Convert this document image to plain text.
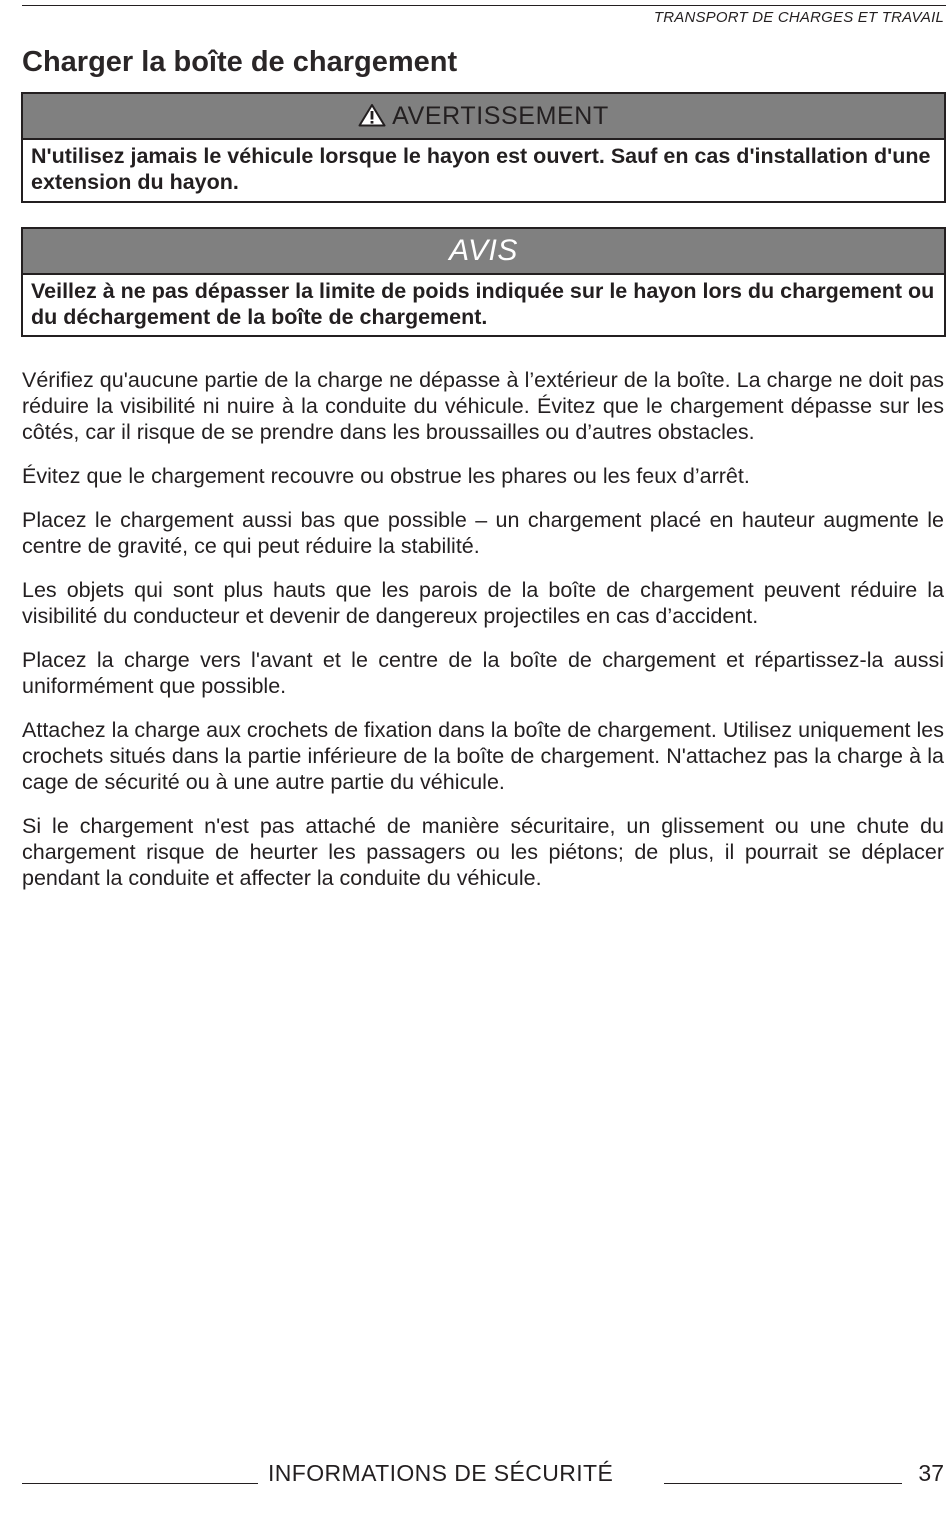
TRANSPORT DE CHARGES ET TRAVAIL
Charger la boîte de chargement
AVERTISSEMENT
N'utilisez jamais le véhicule lorsque le hayon est ouvert. Sauf en cas d'installation d'une extension du hayon.
AVIS
Veillez à ne pas dépasser la limite de poids indiquée sur le hayon lors du chargement ou du déchargement de la boîte de chargement.

Vérifiez qu'aucune partie de la charge ne dépasse à l’extérieur de la boîte. La charge ne doit pas réduire la visibilité ni nuire à la conduite du véhicule. Évitez que le chargement dépasse sur les côtés, car il risque de se prendre dans les broussailles ou d’autres obstacles.

Évitez que le chargement recouvre ou obstrue les phares ou les feux d’arrêt.

Placez le chargement aussi bas que possible – un chargement placé en hauteur augmente le centre de gravité, ce qui peut réduire la stabilité.

Les objets qui sont plus hauts que les parois de la boîte de chargement peuvent réduire la visibilité du conducteur et devenir de dangereux projectiles en cas d’accident.

Placez la charge vers l'avant et le centre de la boîte de chargement et répartissez-la aussi uniformément que possible.

Attachez la charge aux crochets de fixation dans la boîte de chargement. Utilisez uniquement les crochets situés dans la partie inférieure de la boîte de chargement. N'attachez pas la charge à la cage de sécurité ou à une autre partie du véhicule.

Si le chargement n'est pas attaché de manière sécuritaire, un glissement ou une chute du chargement risque de heurter les passagers ou les piétons; de plus, il pourrait se déplacer pendant la conduite et affecter la conduite du véhicule.

INFORMATIONS DE SÉCURITÉ	37
